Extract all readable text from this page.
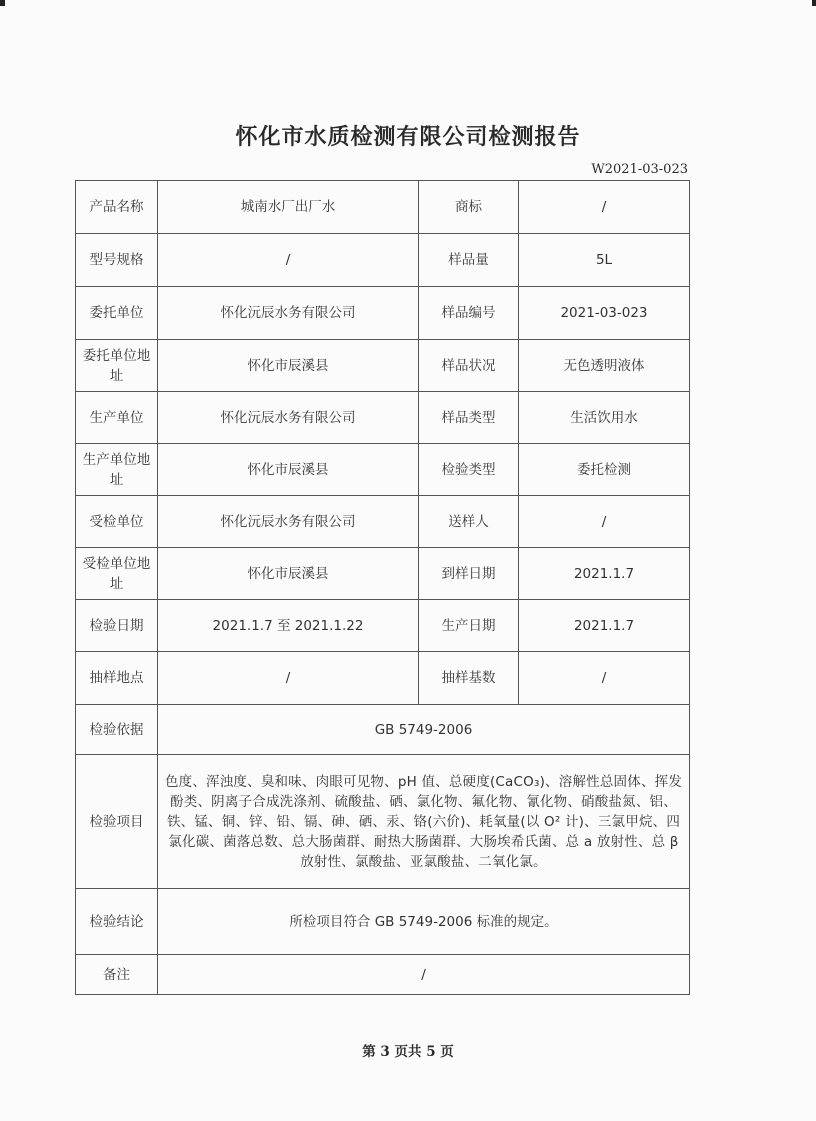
怀化市水质检测有限公司检测报告
W2021-03-023
产品名称	城南水厂出厂水	商标	/
型号规格	/	样品量	5L
委托单位	怀化沅辰水务有限公司	样品编号	2021-03-023
委托单位地址	怀化市辰溪县	样品状况	无色透明液体
生产单位	怀化沅辰水务有限公司	样品类型	生活饮用水
生产单位地址	怀化市辰溪县	检验类型	委托检测
受检单位	怀化沅辰水务有限公司	送样人	/
受检单位地址	怀化市辰溪县	到样日期	2021.1.7
检验日期	2021.1.7 至 2021.1.22	生产日期	2021.1.7
抽样地点	/	抽样基数	/
检验依据	GB 5749-2006		
检验项目	色度、浑浊度、臭和味、肉眼可见物、pH 值、总硬度(CaCO₃)、溶解性总固体、挥发酚类、阴离子合成洗涤剂、硫酸盐、硒、氯化物、氟化物、氰化物、硝酸盐氮、铝、铁、锰、铜、锌、铅、镉、砷、硒、汞、铬(六价)、耗氧量(以 O² 计)、三氯甲烷、四氯化碳、菌落总数、总大肠菌群、耐热大肠菌群、大肠埃希氏菌、总 a 放射性、总 β 放射性、氯酸盐、亚氯酸盐、二氧化氯。		
检验结论	所检项目符合 GB 5749-2006 标准的规定。		
备注	/		
第 3 页共 5 页
